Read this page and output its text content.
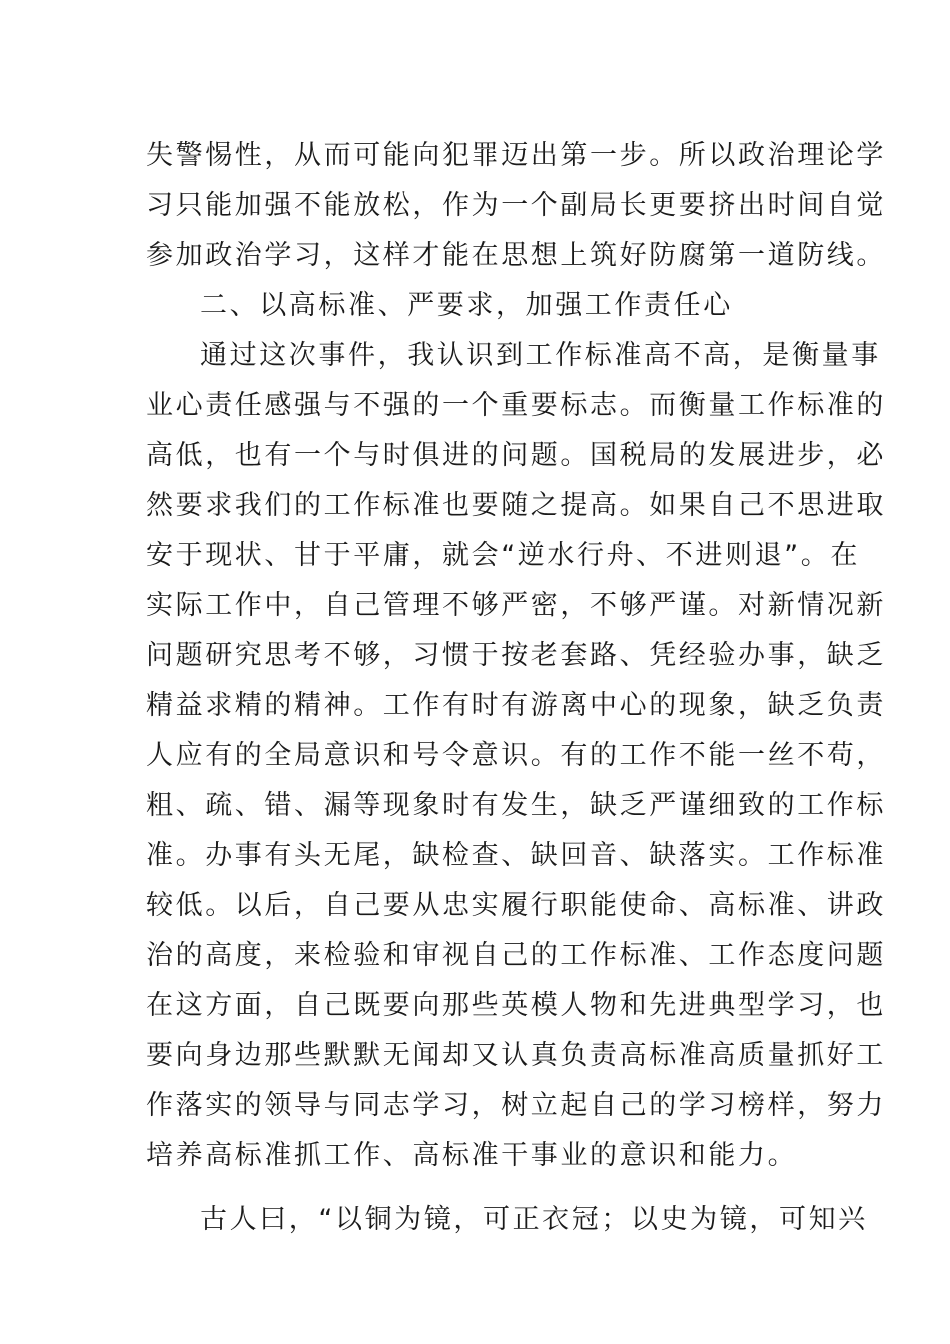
失警惕性，从而可能向犯罪迈出第一步。所以政治理论学
习只能加强不能放松，作为一个副局长更要挤出时间自觉
参加政治学习，这样才能在思想上筑好防腐第一道防线。
二、以高标准、严要求，加强工作责任心
通过这次事件，我认识到工作标准高不高，是衡量事
业心责任感强与不强的一个重要标志。而衡量工作标准的
高低，也有一个与时俱进的问题。国税局的发展进步，必
然要求我们的工作标准也要随之提高。如果自己不思进取
安于现状、甘于平庸，就会“逆水行舟、不进则退”。在
实际工作中，自己管理不够严密，不够严谨。对新情况新
问题研究思考不够，习惯于按老套路、凭经验办事，缺乏
精益求精的精神。工作有时有游离中心的现象，缺乏负责
人应有的全局意识和号令意识。有的工作不能一丝不苟，
粗、疏、错、漏等现象时有发生，缺乏严谨细致的工作标
准。办事有头无尾，缺检查、缺回音、缺落实。工作标准
较低。以后，自己要从忠实履行职能使命、高标准、讲政
治的高度，来检验和审视自己的工作标准、工作态度问题
在这方面，自己既要向那些英模人物和先进典型学习，也
要向身边那些默默无闻却又认真负责高标准高质量抓好工
作落实的领导与同志学习，树立起自己的学习榜样，努力
培养高标准抓工作、高标准干事业的意识和能力。
古人曰，“以铜为镜，可正衣冠；以史为镜，可知兴
